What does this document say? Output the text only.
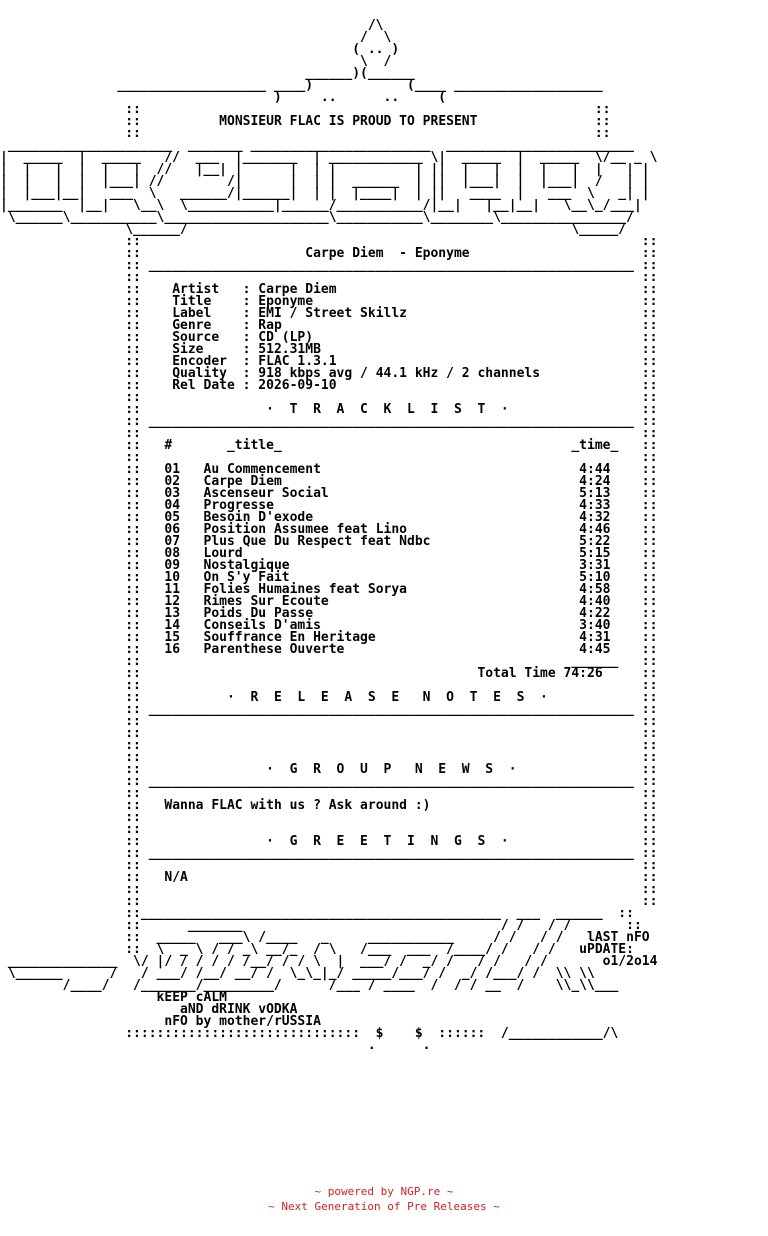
/\
/  \
( .. )
\  /
______)(______
___________________ ____)            (____ ___________________
)     ..      ..     (
::                                                          ::
::	MONSIEUR FLAC IS PROUD TO PRESENT	::
::                                                          ::
_____________________  _______ _______________________  ________________________
|  _____  |  _____   //  ___  |_______  | ____________ \|  _____  |  _____  \/__ _ \
|  |   |  |  |   |  //   |__| |      |  | |          | ||  |   |  |  |   |  |   | |
|  |   |  |  |___| //        /|      |  | |  ______  | ||  |___|  |  |___|  /   | |
|  |___|__|   ___  \   ______/|______|  | |  |____|  | ||   ____  |   ___  \   _| |
|_______  |__|   \__\  \___________|______/___________/|__|   |__|__|   \__\_/___|
\______\___________\_____________________\___________\________\________________/
\______/                                                 \_____/
::	::
::                     Carpe Diem  - Eponyme                      ::
:: ______________________________________________________________ ::
::	::
::    Artist   : Carpe Diem                                       ::
::    Title    : Eponyme                                          ::
::    Label    : EMI / Street Skillz                              ::
::    Genre    : Rap                                              ::
::    Source   : CD (LP)                                          ::
::    Size     : 512.31MB                                         ::
::    Encoder  : FLAC 1.3.1                                       ::
::    Quality  : 918 kbps avg / 44.1 kHz / 2 channels             ::
::    Rel Date : 2026-09-10                                       ::
::	::
::                ·  T  R  A  C  K  L  I  S  T  ·                 ::
:: ______________________________________________________________ ::
::	::
::   #       _title_                                     _time_   ::
::	::
::   01   Au Commencement                                 4:44    ::
::   02   Carpe Diem                                      4:24    ::
::   03   Ascenseur Social                                5:13    ::
::   04   Progresse                                       4:33    ::
::   05   Besoin D'exode                                  4:32    ::
::   06   Position Assumee feat Lino                      4:46    ::
::   07   Plus Que Du Respect feat Ndbc                   5:22    ::
::   08   Lourd                                           5:15    ::
::   09   Nostalgique                                     3:31    ::
::   10   On S'y Fait                                     5:10    ::
::   11   Folies Humaines feat Sorya                      4:58    ::
::   12   Rimes Sur Ecoute                                4:40    ::
::   13   Poids Du Passe                                  4:22    ::
::   14   Conseils D'amis                                 3:40    ::
::   15   Souffrance En Heritage                          4:31    ::
::   16   Parenthese Ouverte                              4:45    ::
::                                                       ______   ::
::                                           Total Time 74:26     ::
::	::
::           ·  R  E  L  E  A  S  E   N  O  T  E  S  ·            ::
:: ______________________________________________________________ ::
::	::
::	::
::	::
::	::
::                ·  G  R  O  U  P   N  E  W  S  ·                ::
:: ______________________________________________________________ ::
::	::
::   Wanna FLAC with us ? Ask around :)                           ::
::	::
::	::
::                ·  G  R  E  E  T  I  N  G  S  ·                 ::
:: ______________________________________________________________ ::
::	::
::   N/A                                                          ::
::	::
::	::
::______________________________________________  ___  ______  ::
::      _______                                 / /   / /       ::
::  _____   ___\ /____   _     ___________     / /   / /   lAST nFO
::  \  _ \ / / _\ __/_  / \   /___  ___  /____/ /   / /   uPDATE:
______________  \/ |/ / / / / /__/ / / \  |  ___/ /  _/ /   / /   / /       o1/2o14
\______      /   / ___/ /__/ __/ /  \_\_|_/ _____/___/ /  _/ /___/ /  \\ \\
/____/   /_______/_________/      /___ / ____  /  / / __  /    \\_\\___
kEEP cALM
aND dRINK vODKA
nFO by mother/rUSSIA
::::::::::::::::::::::::::::::  $    $  ::::::  /____________/\
.      .
~ powered by NGP.re ~
~ Next Generation of Pre Releases ~
